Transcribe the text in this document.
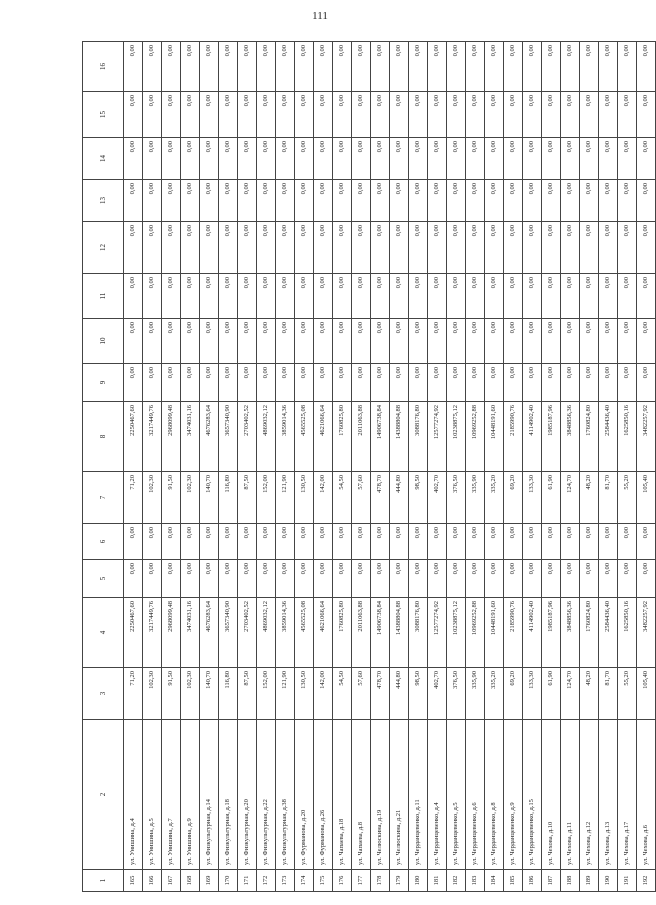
111
1	2	3	4	5	6	7	8	9	10	11	12	13	14	15	16
165	ул. Унишина, д.4	71,20	2250467,60	0,00	0,00	71,20	2250467,60	0,00	0,00	0,00	0,00	0,00	0,00	0,00	0,00
166	ул. Унишина, д.5	102,30	3217449,76	0,00	0,00	102,30	3217449,76	0,00	0,00	0,00	0,00	0,00	0,00	0,00	0,00
167	ул. Унишина, д.7	91,50	2968099,48	0,00	0,00	91,50	2968099,48	0,00	0,00	0,00	0,00	0,00	0,00	0,00	0,00
168	ул. Унишина, д.9	102,30	3474031,16	0,00	0,00	102,30	3474031,16	0,00	0,00	0,00	0,00	0,00	0,00	0,00	0,00
169	ул. Физкультурная, д.14	140,70	4676283,64	0,00	0,00	140,70	4676283,64	0,00	0,00	0,00	0,00	0,00	0,00	0,00	0,00
170	ул. Физкультурная, д.18	116,80	3657340,90	0,00	0,00	116,80	3657340,90	0,00	0,00	0,00	0,00	0,00	0,00	0,00	0,00
171	ул. Физкультурная, д.20	87,50	2703402,52	0,00	0,00	87,50	2703402,52	0,00	0,00	0,00	0,00	0,00	0,00	0,00	0,00
172	ул. Физкультурная, д.22	152,00	4869032,12	0,00	0,00	152,00	4869032,12	0,00	0,00	0,00	0,00	0,00	0,00	0,00	0,00
173	ул. Физкультурная, д.38	121,90	3859014,36	0,00	0,00	121,90	3859014,36	0,00	0,00	0,00	0,00	0,00	0,00	0,00	0,00
174	ул. Фурманова, д.20	130,50	4565525,08	0,00	0,00	130,50	4565525,08	0,00	0,00	0,00	0,00	0,00	0,00	0,00	0,00
175	ул. Фурманова, д.26	142,00	4621066,64	0,00	0,00	142,00	4621066,64	0,00	0,00	0,00	0,00	0,00	0,00	0,00	0,00
176	ул. Чапаева, д.18	54,50	1760825,80	0,00	0,00	54,50	1760825,80	0,00	0,00	0,00	0,00	0,00	0,00	0,00	0,00
177	ул. Чапаева, д.8	57,60	2011063,88	0,00	0,00	57,60	2011063,88	0,00	0,00	0,00	0,00	0,00	0,00	0,00	0,00
178	ул. Челюскина, д.19	478,70	14906738,84	0,00	0,00	478,70	14906738,84	0,00	0,00	0,00	0,00	0,00	0,00	0,00	0,00
179	ул. Челюскина, д.21	444,80	14388804,88	0,00	0,00	444,80	14388804,88	0,00	0,00	0,00	0,00	0,00	0,00	0,00	0,00
180	ул. Черданцевенко, д.11	98,50	3088176,80	0,00	0,00	98,50	3088176,80	0,00	0,00	0,00	0,00	0,00	0,00	0,00	0,00
181	ул. Черданцевенко, д.4	402,70	12577274,92	0,00	0,00	402,70	12577274,92	0,00	0,00	0,00	0,00	0,00	0,00	0,00	0,00
182	ул. Черданцевенко, д.5	376,50	10238875,12	0,00	0,00	376,50	10238875,12	0,00	0,00	0,00	0,00	0,00	0,00	0,00	0,00
183	ул. Черданцевенко, д.6	335,90	10969252,88	0,00	0,00	335,90	10969252,88	0,00	0,00	0,00	0,00	0,00	0,00	0,00	0,00
184	ул. Черданцевенко, д.8	335,20	10448191,60	0,00	0,00	335,20	10448191,60	0,00	0,00	0,00	0,00	0,00	0,00	0,00	0,00
185	ул. Черданцевенко, д.9	69,20	2185990,76	0,00	0,00	69,20	2185990,76	0,00	0,00	0,00	0,00	0,00	0,00	0,00	0,00
186	ул. Черданцевенко, д.15	133,30	4114902,40	0,00	0,00	133,30	4114902,40	0,00	0,00	0,00	0,00	0,00	0,00	0,00	0,00
187	ул. Чехова, д.10	61,90	1985187,96	0,00	0,00	61,90	1985187,96	0,00	0,00	0,00	0,00	0,00	0,00	0,00	0,00
188	ул. Чехова, д.11	124,70	3848856,36	0,00	0,00	124,70	3848856,36	0,00	0,00	0,00	0,00	0,00	0,00	0,00	0,00
189	ул. Чехова, д.12	48,20	1760824,80	0,00	0,00	48,20	1760824,80	0,00	0,00	0,00	0,00	0,00	0,00	0,00	0,00
190	ул. Чехова, д.13	81,70	2584436,40	0,00	0,00	81,70	2584436,40	0,00	0,00	0,00	0,00	0,00	0,00	0,00	0,00
191	ул. Чехова, д.17	55,20	1625850,16	0,00	0,00	55,20	1625850,16	0,00	0,00	0,00	0,00	0,00	0,00	0,00	0,00
192	ул. Чехова, д.6	105,40	3482257,92	0,00	0,00	105,40	3482257,92	0,00	0,00	0,00	0,00	0,00	0,00	0,00	0,00
